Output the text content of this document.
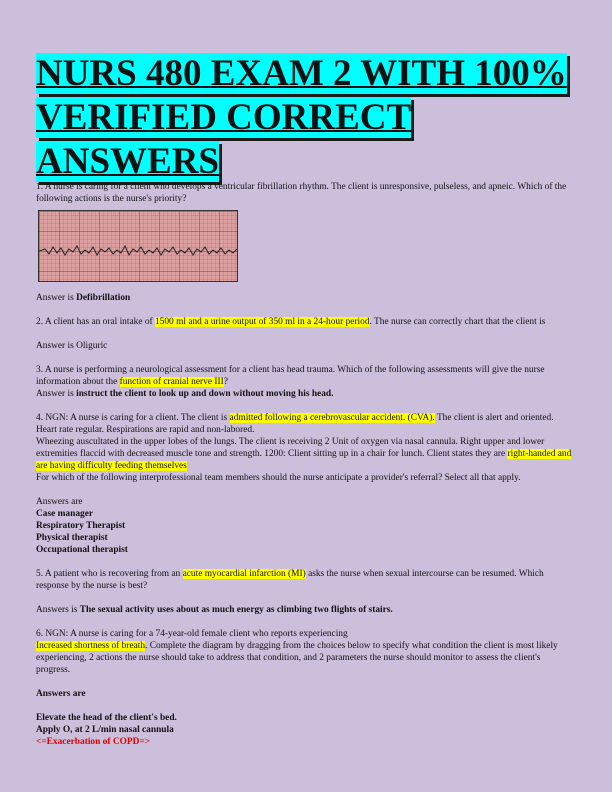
NURS 480 EXAM 2 WITH 100%
VERIFIED CORRECT
ANSWERS

1. A nurse is caring for a client who develops a ventricular fibrillation rhythm. The client is unresponsive, pulseless, and apneic. Which of the following actions is the nurse's priority?

Answer is Defibrillation

2. A client has an oral intake of 1500 ml and a urine output of 350 ml in a 24-hour period. The nurse can correctly chart that the client is

Answer is Oliguric

3. A nurse is performing a neurological assessment for a client has head trauma. Which of the following assessments will give the nurse information about the function of cranial nerve III?

Answer is instruct the client to look up and down without moving his head.

4. NGN: A nurse is caring for a client. The client is admitted following a cerebrovascular accident. (CVA). The client is alert and oriented. Heart rate regular. Respirations are rapid and non-labored.

Wheezing auscultated in the upper lobes of the lungs. The client is receiving 2 Unit of oxygen via nasal cannula. Right upper and lower extremities flaccid with decreased muscle tone and strength. 1200: Client sitting up in a chair for lunch. Client states they are right-handed and are having difficulty feeding themselves

For which of the following interprofessional team members should the nurse anticipate a provider's referral? Select all that apply.

Answers are

Case manager

Respiratory Therapist

Physical therapist

Occupational therapist

5. A patient who is recovering from an acute myocardial infarction (MI) asks the nurse when sexual intercourse can be resumed. Which response by the nurse is best?

Answers is The sexual activity uses about as much energy as climbing two flights of stairs.

6. NGN: A nurse is caring for a 74-year-old female client who reports experiencing
Increased shortness of breath. Complete the diagram by dragging from the choices below to specify what condition the client is most likely experiencing, 2 actions the nurse should take to address that condition, and 2 parameters the nurse should monitor to assess the client's progress.

Answers are

Elevate the head of the client's bed.

Apply O, at 2 L/min nasal cannula

<=Exacerbation of COPD=>
